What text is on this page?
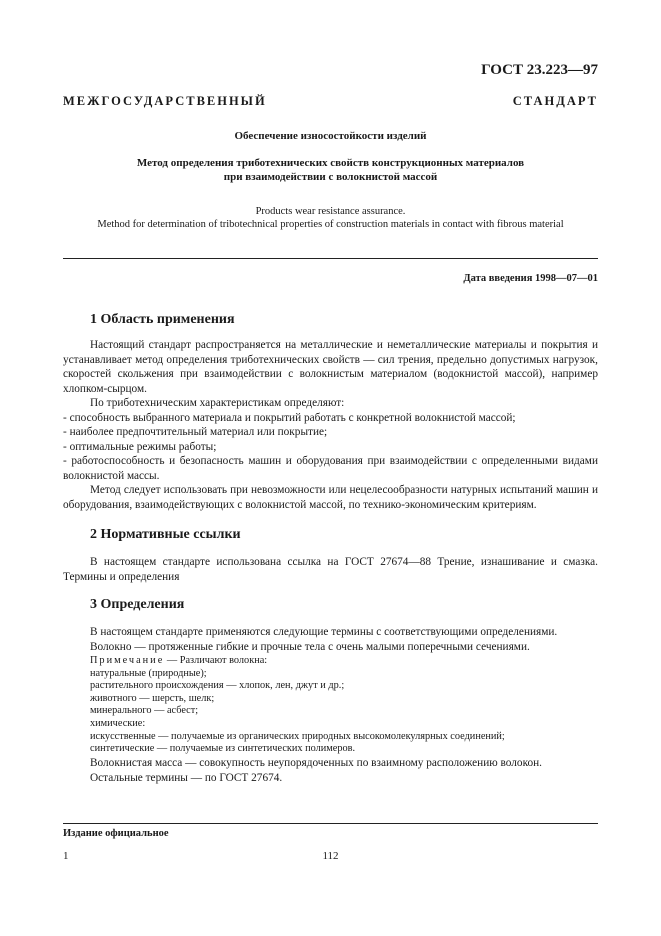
ГОСТ 23.223—97
МЕЖГОСУДАРСТВЕННЫЙ СТАНДАРТ
Обеспечение износостойкости изделий
Метод определения триботехнических свойств конструкционных материалов
при взаимодействии с волокнистой массой
Products wear resistance assurance.
Method for determination of tribotechnical properties of construction materials in contact with fibrous material
Дата введения 1998—07—01
1 Область применения

Настоящий стандарт распространяется на металлические и неметаллические материалы и покрытия и устанавливает метод определения триботехнических свойств — сил трения, предельно допустимых нагрузок, скоростей скольжения при взаимодействии с волокнистым материалом (водокнистой массой), например хлопком-сырцом.

По триботехническим характеристикам определяют:

- способность выбранного материала и покрытий работать с конкретной волокнистой массой;

- наиболее предпочтительный материал или покрытие;

- оптимальные режимы работы;

- работоспособность и безопасность машин и оборудования при взаимодействии с определенными видами волокнистой массы.

Метод следует использовать при невозможности или нецелесообразности натурных испытаний машин и оборудования, взаимодействующих с волокнистой массой, по технико-экономическим критериям.

2 Нормативные ссылки

В настоящем стандарте использована ссылка на ГОСТ 27674—88 Трение, изнашивание и смазка. Термины и определения

3 Определения

В настоящем стандарте применяются следующие термины с соответствующими определениями.

Волокно — протяженные гибкие и прочные тела с очень малыми поперечными сечениями.

Примечание — Различают волокна:

натуральные (природные);

растительного происхождения — хлопок, лен, джут и др.;

животного — шерсть, шелк;

минерального — асбест;

химические:

искусственные — получаемые из органических природных высокомолекулярных соединений;

синтетические — получаемые из синтетических полимеров.

Волокнистая масса — совокупность неупорядоченных по взаимному расположению волокон.

Остальные термины — по ГОСТ 27674.

Издание официальное
1	112
